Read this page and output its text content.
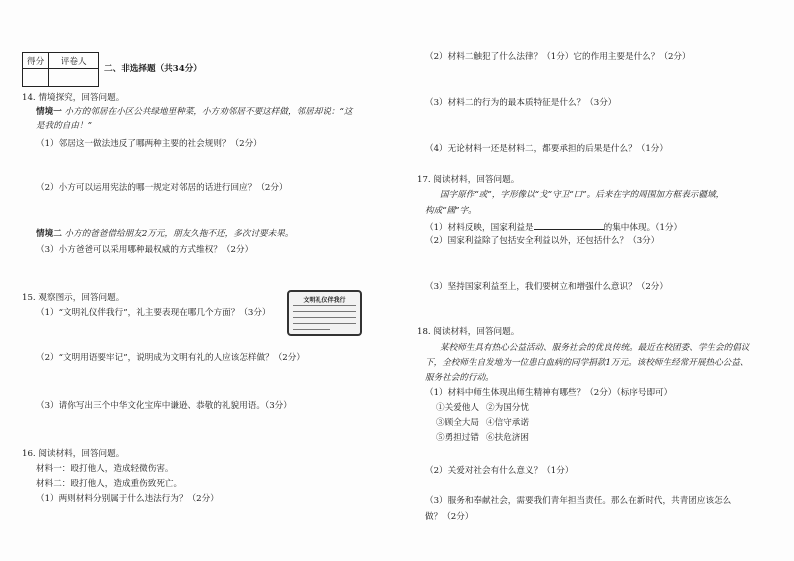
得分	评卷人

二、非选择题（共34分）
14. 情境探究，回答问题。
情境一 小方的邻居在小区公共绿地里种菜，小方劝邻居不要这样做，邻居却说：“这
是我的自由！”
（1）邻居这一做法违反了哪两种主要的社会规则？（2分）
（2）小方可以运用宪法的哪一规定对邻居的话进行回应？（2分）
情境二 小方的爸爸借给朋友2万元，朋友久拖不还，多次讨要未果。
（3）小方爸爸可以采用哪种最权威的方式维权？（2分）
15. 观察图示，回答问题。
（1）“文明礼仪伴我行”，礼主要表现在哪几个方面？（3分）
文明礼仪伴我行
（2）“文明用语要牢记”，说明成为文明有礼的人应该怎样做？（2分）
（3）请你写出三个中华文化宝库中谦逊、恭敬的礼貌用语。（3分）
16. 阅读材料，回答问题。
材料一：殴打他人，造成轻微伤害。
材料二：殴打他人，造成重伤致死亡。
（1）两则材料分别属于什么违法行为？（2分）
（2）材料二触犯了什么法律？（1分）它的作用主要是什么？（2分）
（3）材料二的行为的最本质特征是什么？（3分）
（4）无论材料一还是材料二，都要承担的后果是什么？（1分）
17. 阅读材料，回答问题。
国字原作“或”，字形像以“戈”守卫“口”。后来在字的周围加方框表示疆域，
构成“國”字。
（1）材料反映，国家利益是	的集中体现。（1分）
（2）国家利益除了包括安全利益以外，还包括什么？（3分）
（3）坚持国家利益至上，我们要树立和增强什么意识？（2分）
18. 阅读材料，回答问题。
某校师生具有热心公益活动、服务社会的优良传统。最近在校团委、学生会的倡议
下，全校师生自发地为一位患白血病的同学捐款1万元。该校师生经常开展热心公益、
服务社会的行动。
（1）材料中师生体现出师生精神有哪些？（2分）（标序号即可）
①关爱他人 ②为国分忧
③顾全大局 ④信守承诺
⑤勇担过错 ⑥扶危济困
（2）关爱对社会有什么意义？（1分）
（3）服务和奉献社会，需要我们青年担当责任。那么在新时代，共青团应该怎么
做？（2分）
